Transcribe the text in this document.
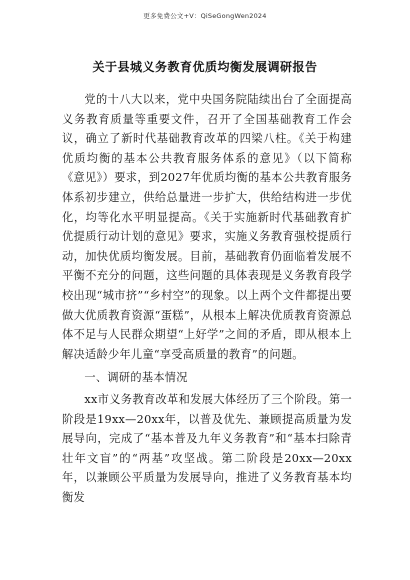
更多免费公文+V：QiSeGongWen2024
关于县城义务教育优质均衡发展调研报告

党的十八大以来，党中央国务院陆续出台了全面提高义务教育质量等重要文件，召开了全国基础教育工作会议，确立了新时代基础教育改革的四梁八柱。《关于构建优质均衡的基本公共教育服务体系的意见》（以下简称《意见》）要求，到2027年优质均衡的基本公共教育服务体系初步建立，供给总量进一步扩大，供给结构进一步优化，均等化水平明显提高。《关于实施新时代基础教育扩优提质行动计划的意见》要求，实施义务教育强校提质行动，加快优质均衡发展。目前，基础教育仍面临着发展不平衡不充分的问题，这些问题的具体表现是义务教育段学校出现“城市挤”“乡村空”的现象。以上两个文件都提出要做大优质教育资源“蛋糕”，从根本上解决优质教育资源总体不足与人民群众期望“上好学”之间的矛盾，即从根本上解决适龄少年儿童“享受高质量的教育”的问题。

一、调研的基本情况

xx市义务教育改革和发展大体经历了三个阶段。第一阶段是19xx—20xx年，以普及优先、兼顾提高质量为发展导向，完成了“基本普及九年义务教育”和“基本扫除青壮年文盲”的“两基”攻坚战。第二阶段是20xx—20xx年，以兼顾公平质量为发展导向，推进了义务教育基本均衡发
